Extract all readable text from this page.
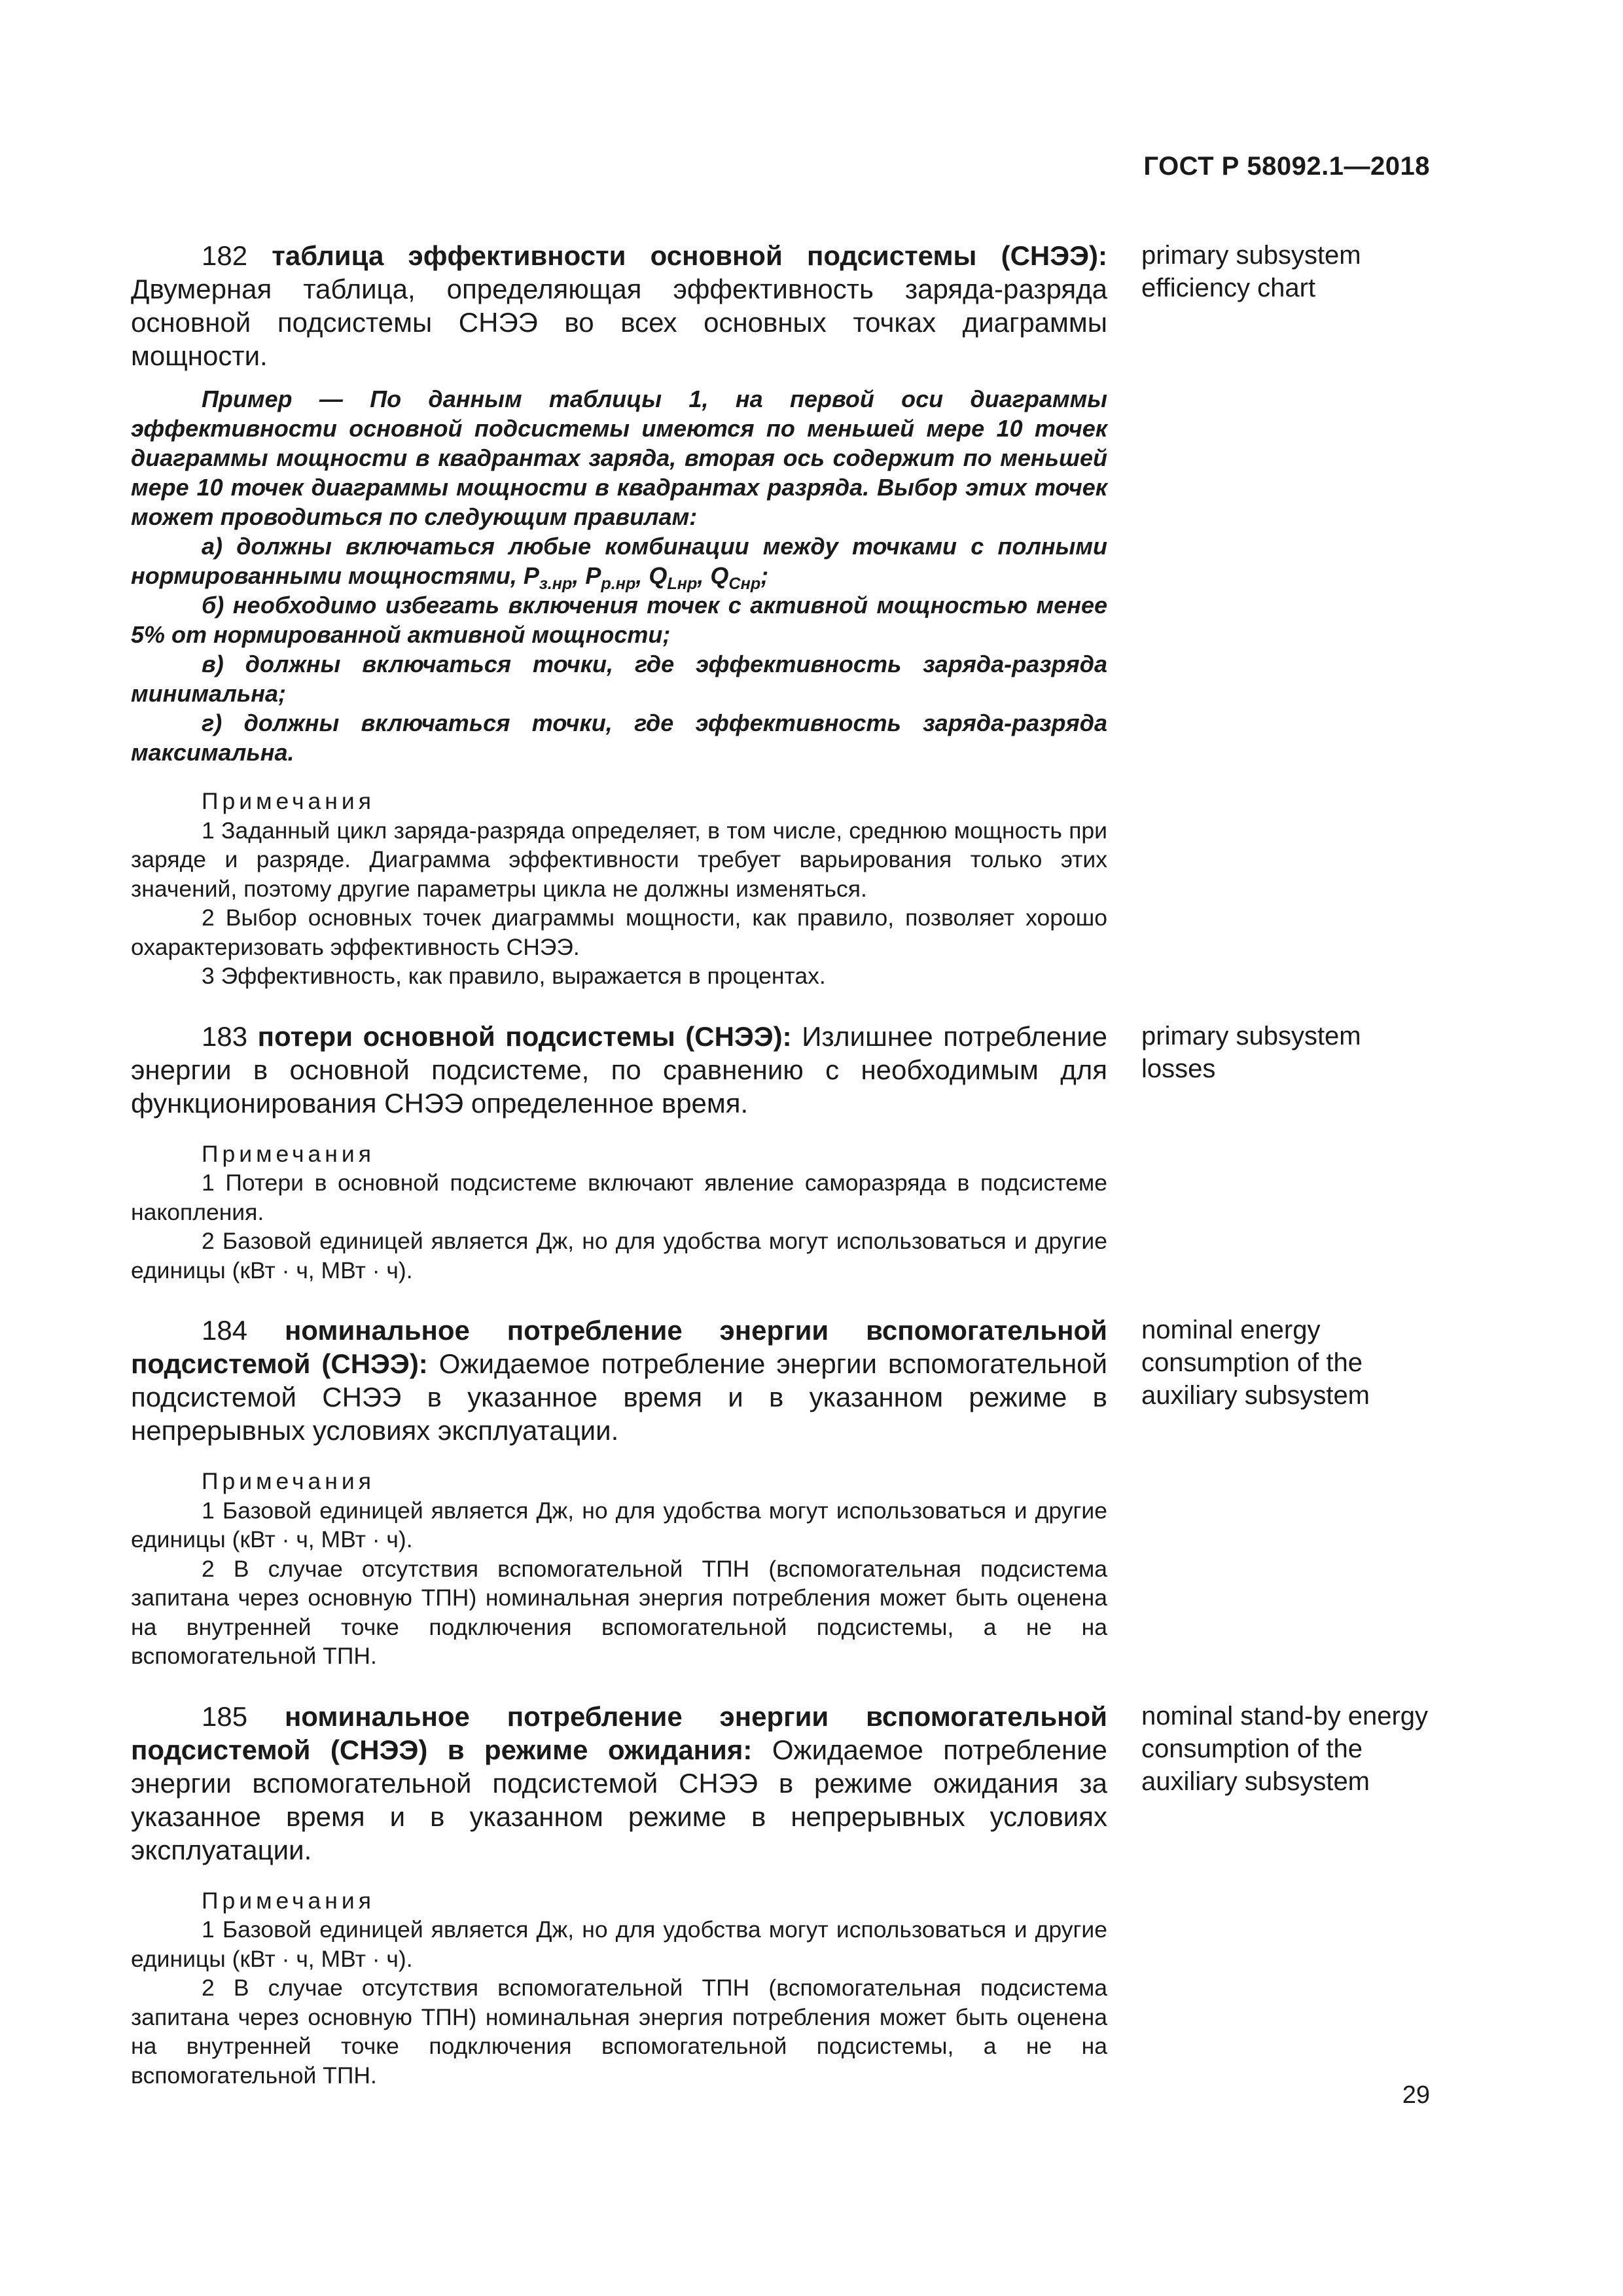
ГОСТ Р 58092.1—2018

182 таблица эффективности основной подсистемы (СНЭЭ): Двумерная таблица, определяющая эффективность заряда-разряда основной подсистемы СНЭЭ во всех основных точках диаграммы мощности.

Пример — По данным таблицы 1, на первой оси диаграммы эффективности основной подсистемы имеются по меньшей мере 10 точек диаграммы мощности в квадрантах заряда, вторая ось содержит по меньшей мере 10 точек диаграммы мощности в квадрантах разряда. Выбор этих точек может проводиться по следующим правилам:

а) должны включаться любые комбинации между точками с полными нормированными мощностями, $P_{з.нр}$, $P_{р.нр}$, $Q_{Lнр}$, $Q_{Cнр}$;

б) необходимо избегать включения точек с активной мощностью менее 5% от нормированной активной мощности;

в) должны включаться точки, где эффективность заряда-разряда минимальна;

г) должны включаться точки, где эффективность заряда-разряда максимальна.

Примечания

1 Заданный цикл заряда-разряда определяет, в том числе, среднюю мощность при заряде и разряде. Диаграмма эффективности требует варьирования только этих значений, поэтому другие параметры цикла не должны изменяться.

2 Выбор основных точек диаграммы мощности, как правило, позволяет хорошо охарактеризовать эффективность СНЭЭ.

3 Эффективность, как правило, выражается в процентах.

primary subsystem efficiency chart

183 потери основной подсистемы (СНЭЭ): Излишнее потребление энергии в основной подсистеме, по сравнению с необходимым для функционирования СНЭЭ определенное время.

Примечания

1 Потери в основной подсистеме включают явление саморазряда в подсистеме накопления.

2 Базовой единицей является Дж, но для удобства могут использоваться и другие единицы (кВт · ч, МВт · ч).

primary subsystem losses

184 номинальное потребление энергии вспомогательной подсистемой (СНЭЭ): Ожидаемое потребление энергии вспомогательной подсистемой СНЭЭ в указанное время и в указанном режиме в непрерывных условиях эксплуатации.

Примечания

1 Базовой единицей является Дж, но для удобства могут использоваться и другие единицы (кВт · ч, МВт · ч).

2 В случае отсутствия вспомогательной ТПН (вспомогательная подсистема запитана через основную ТПН) номинальная энергия потребления может быть оценена на внутренней точке подключения вспомогательной подсистемы, а не на вспомогательной ТПН.

nominal energy consumption of the auxiliary subsystem

185 номинальное потребление энергии вспомогательной подсистемой (СНЭЭ) в режиме ожидания: Ожидаемое потребление энергии вспомогательной подсистемой СНЭЭ в режиме ожидания за указанное время и в указанном режиме в непрерывных условиях эксплуатации.

Примечания

1 Базовой единицей является Дж, но для удобства могут использоваться и другие единицы (кВт · ч, МВт · ч).

2 В случае отсутствия вспомогательной ТПН (вспомогательная подсистема запитана через основную ТПН) номинальная энергия потребления может быть оценена на внутренней точке подключения вспомогательной подсистемы, а не на вспомогательной ТПН.

nominal stand-by energy consumption of the auxiliary subsystem
29
